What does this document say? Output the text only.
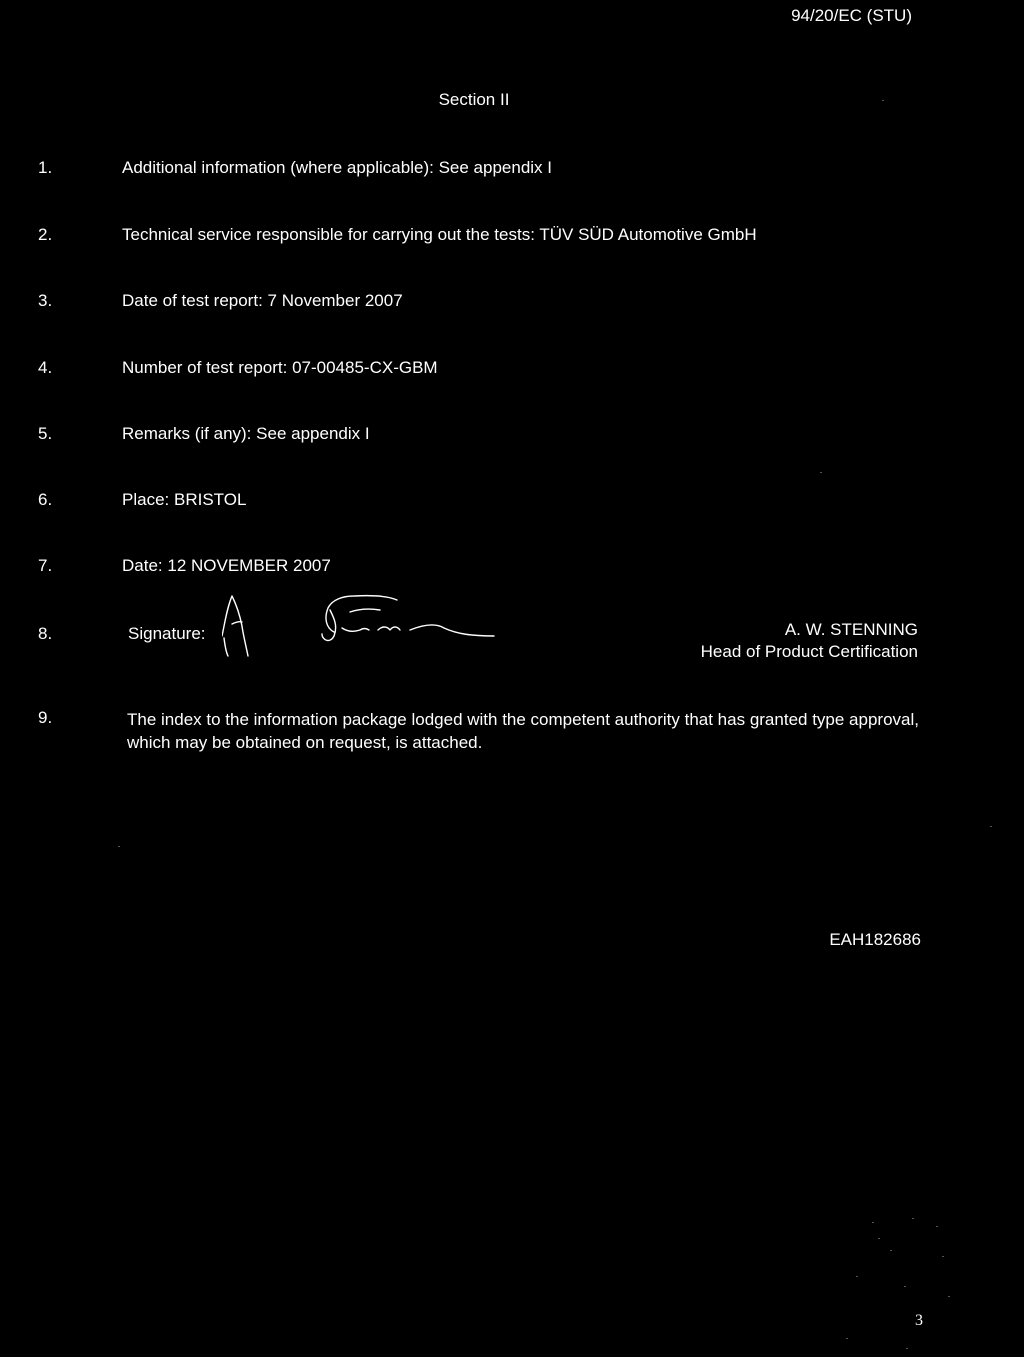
94/20/EC (STU)
Section II
1.	Additional information (where applicable): See appendix I
2.	Technical service responsible for carrying out the tests: TÜV SÜD Automotive GmbH
3.	Date of test report: 7 November 2007
4.	Number of test report: 07-00485-CX-GBM
5.	Remarks (if any): See appendix I
6.	Place: BRISTOL
7.	Date: 12 NOVEMBER 2007
8.	Signature:	A. W. STENNING
Head of Product Certification
9.	The index to the information package lodged with the competent authority that has granted type approval, which may be obtained on request, is attached.
EAH182686
3
